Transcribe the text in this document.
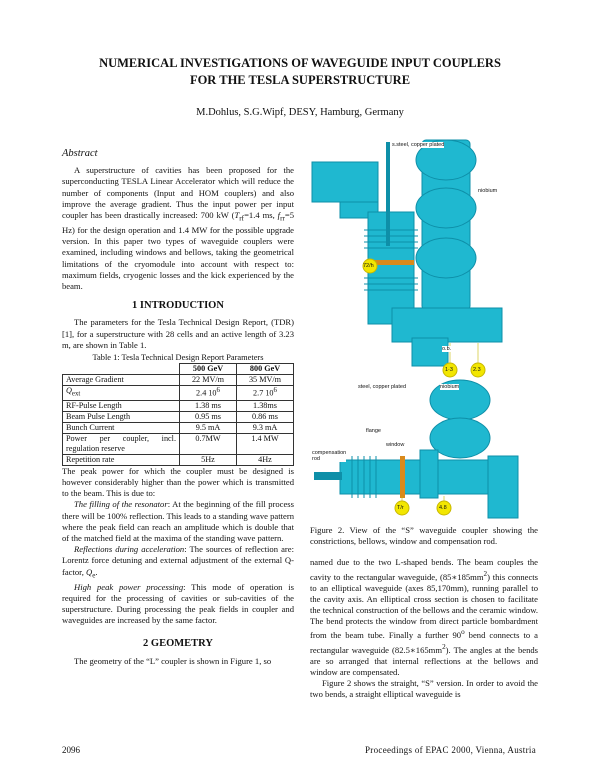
NUMERICAL INVESTIGATIONS OF WAVEGUIDE INPUT COUPLERS
FOR THE TESLA SUPERSTRUCTURE
M.Dohlus, S.G.Wipf, DESY, Hamburg, Germany
Abstract

A superstructure of cavities has been proposed for the superconducting TESLA Linear Accelerator which will reduce the number of components (Input and HOM couplers) and also improve the average gradient. Thus the input power per input coupler has been drastically increased: 700 kW ($T_{rf}=1.4$ ms, $f_{rr}=5$ Hz) for the design operation and 1.4 MW for the possible upgrade version. In this paper two types of waveguide couplers were examined, including windows and bellows, taking the geometrical limitations of the cryomodule into account with respect to: maximum fields, cryogenic losses and the kick experienced by the beam.

1 INTRODUCTION

The parameters for the Tesla Technical Design Report, (TDR)[1], for a superstructure with 28 cells and an active length of 3.23 m, are shown in Table 1.

Table 1: Tesla Technical Design Report Parameters
	500 GeV	800 GeV
Average Gradient	22 MV/m	35 MV/m
$Q_{ext}$	2.4 $10^6$	2.7 $10^6$
RF-Pulse Length	1.38 ms	1.38ms
Beam Pulse Length	0.95 ms	0.86 ms
Bunch Current	9.5 mA	9.3 mA
Power per coupler, incl. regulation reserve	0.7MW	1.4 MW
Repetition rate	5Hz	4Hz

The peak power for which the coupler must be designed is however considerably higher than the power which is transmitted to the beam. This is due to:

The filling of the resonator: At the beginning of the fill process there will be 100% reflection. This leads to a standing wave pattern where the peak field can reach an amplitude which is double that of the matched field at the maxima of the standing wave pattern.

Reflections during acceleration: The sources of reflection are: Lorentz force detuning and external adjustment of the external Q-factor, $Q_e$.

High peak power processing: This mode of operation is required for the processing of cavities or sub-cavities of the superstructure. During processing the peak fields in coupler and waveguides are increased by the same factor.

2 GEOMETRY

The geometry of the “L” coupler is shown in Figure 1, so

s.steel, copper plated
niobium
72/h
o.b.
1·3	2.3
steel, copper plated	niobium
flange
window
compensation rod
T/r	4.8
Figure 2. View of the “S” waveguide coupler showing the constrictions, bellows, window and compensation rod.

named due to the two L-shaped bends. The beam couples the cavity to the rectangular waveguide, $(85∗185mm^2)$ this connects to an elliptical waveguide (axes 85,170mm), running parallel to the cavity axis. An elliptical cross section is chosen to facilitate the technical construction of the bellows and the ceramic window. The bend protects the window from direct particle bombardment from the beam tube. Finally a further 90$^o$ bend connects to a rectangular waveguide $(82.5∗165mm^2)$. The angles at the bends are so arranged that internal reflections at the bellows and window are compensated.

Figure 2 shows the straight, “S” version. In order to avoid the two bends, a straight elliptical waveguide is

2096	Proceedings of EPAC 2000, Vienna, Austria
